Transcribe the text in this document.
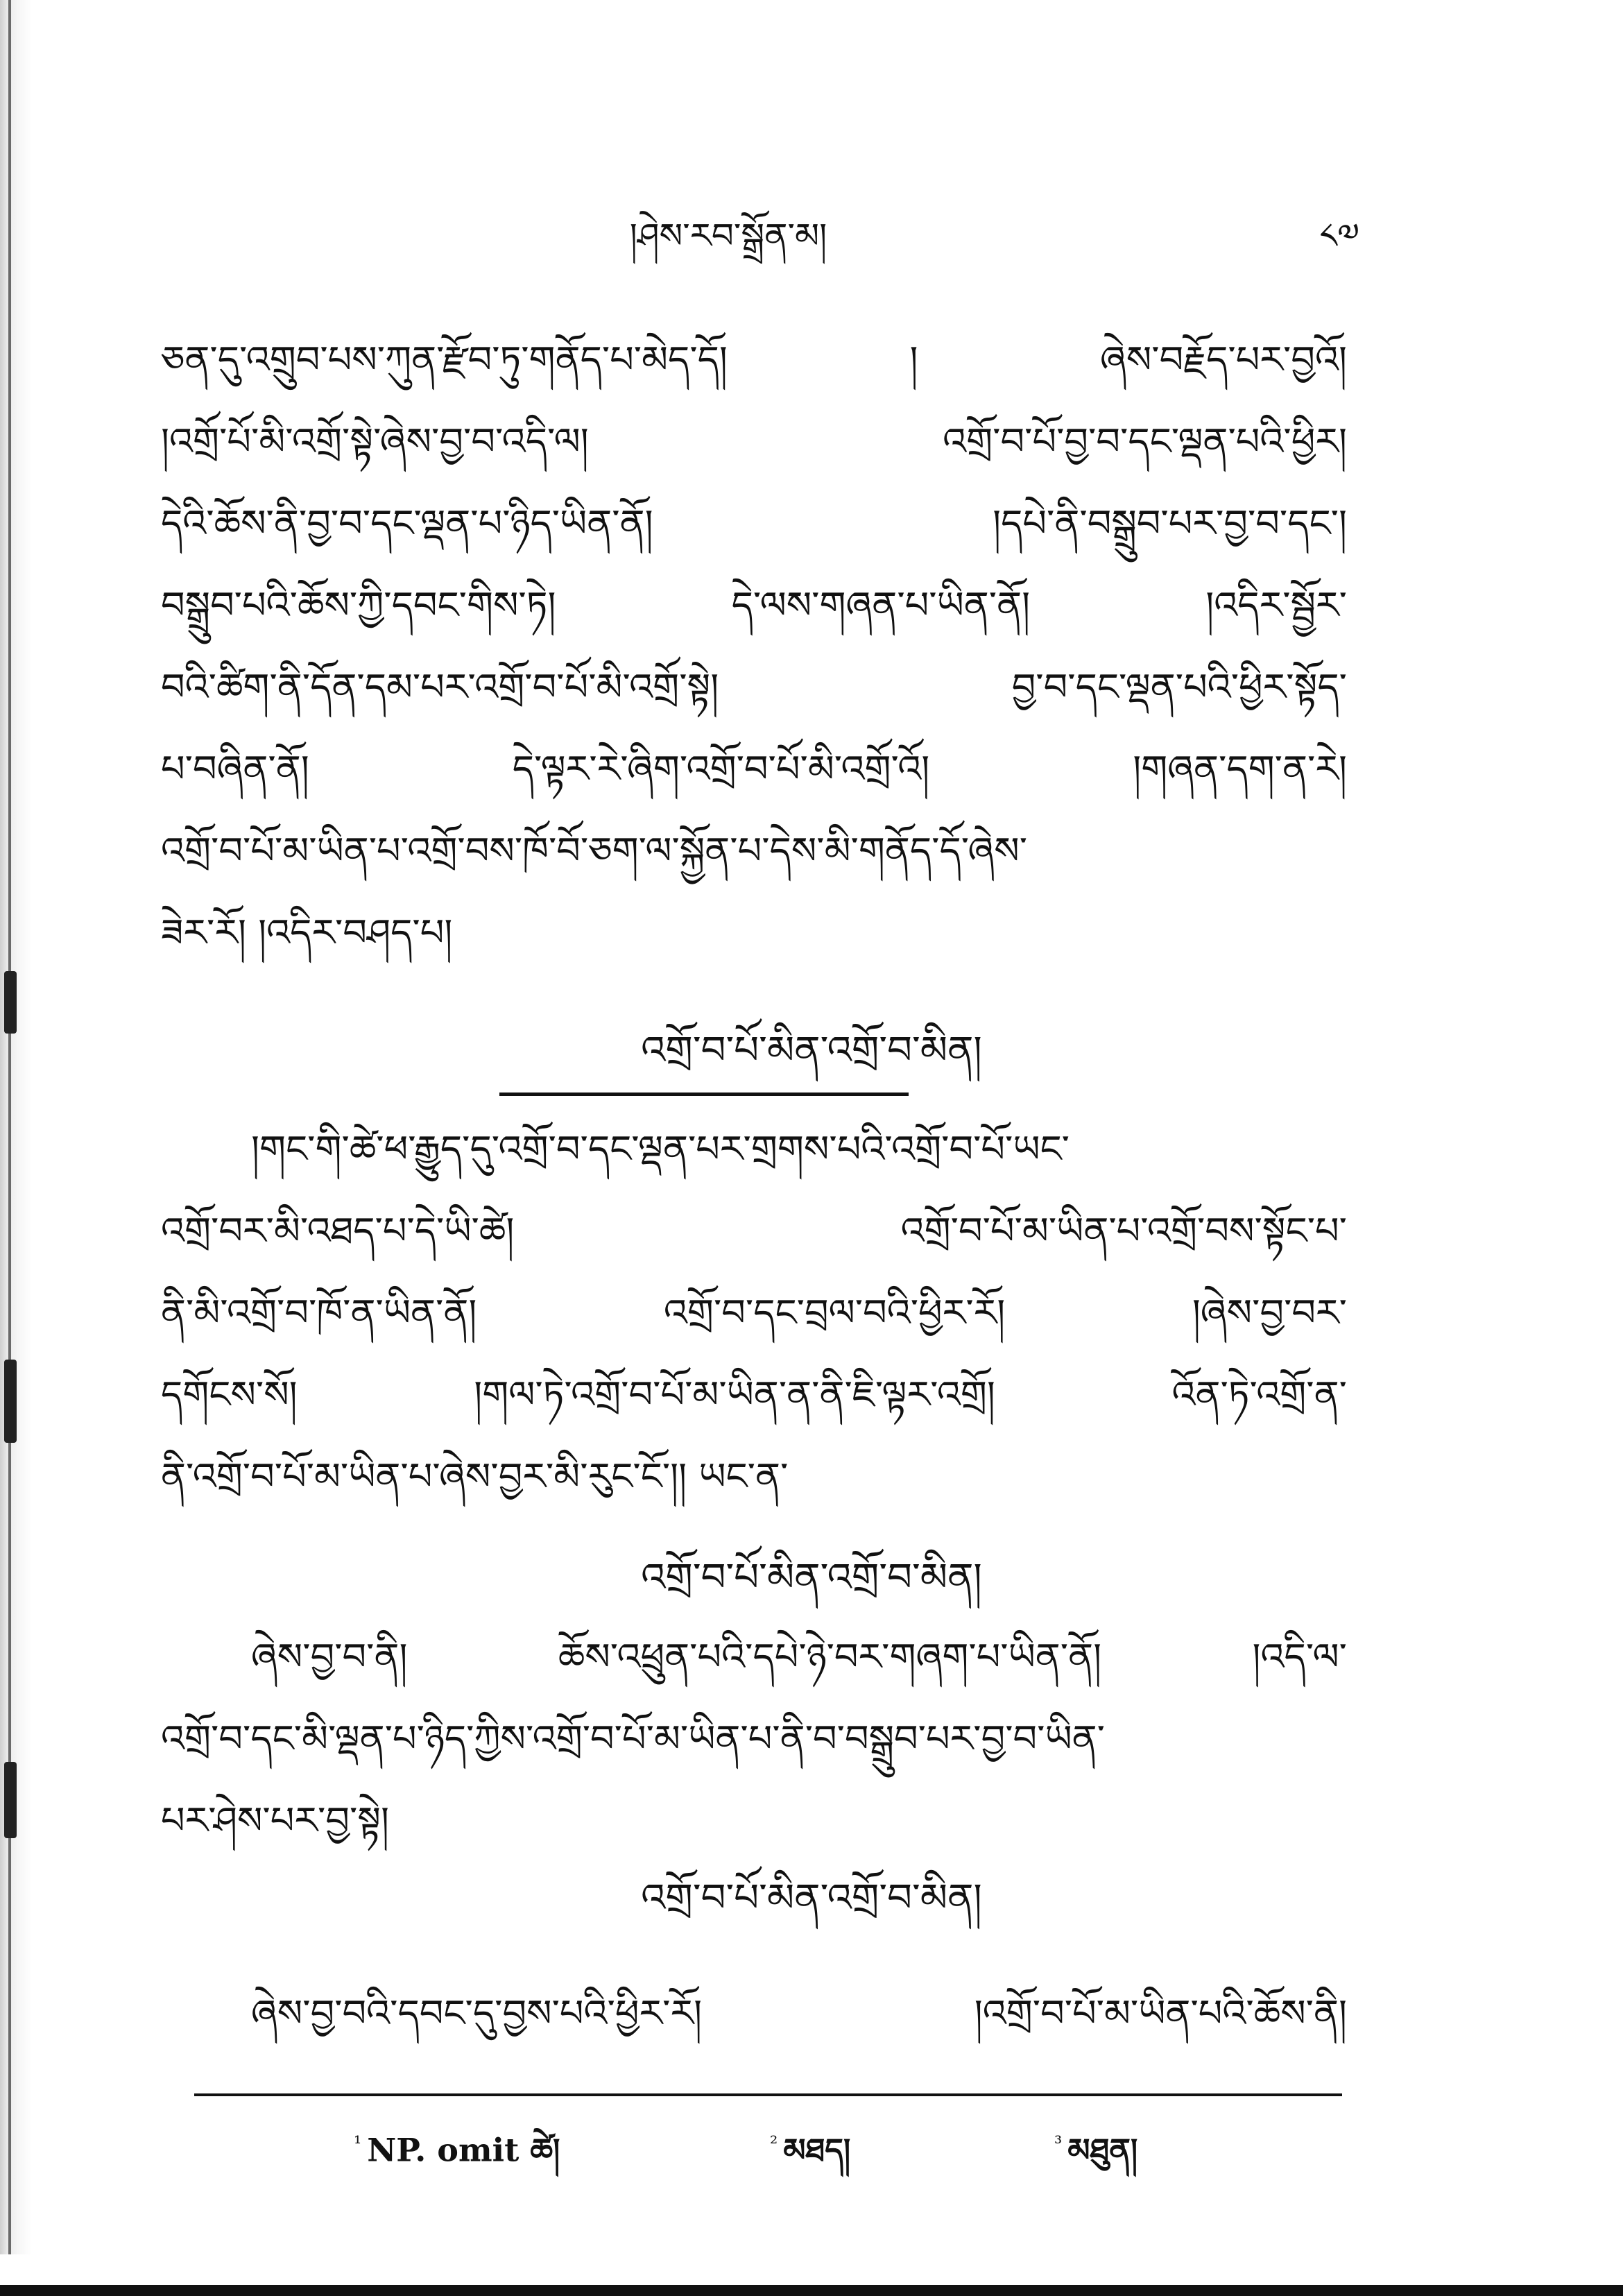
།ཤེས་རབ་སྒྲོན་མ།	༨༧
ཅན་དུ་འགྲུབ་པས་ཀུན་རྫོབ་ཏུ་གནོད་པ་མེད་དོ། ། ཞེས་བརྗོད་པར་བྱའོ།
།འགྲོ་པོ་མི་འགྲོ་སྟེ་ཞེས་བྱ་བ་འདི་ལ། འགྲོ་བ་པོ་བྱ་བ་དང་ལྡན་པའི་ཕྱིར།
དེའི་ཆོས་ནི་བྱ་བ་དང་ལྡན་པ་ཉིད་ཡིན་ནོ། །དཔེ་ནི་བསྒྲུབ་པར་བྱ་བ་དང་།
བསྒྲུབ་པའི་ཆོས་ཀྱི་དབང་གིས་ཏེ། དེ་ལས་གཞན་པ་ཡིན་ནོ། །འདིར་སྦྱོར་
བའི་ཚིག་ནི་དོན་དམ་པར་འགྲོ་བ་པོ་མི་འགྲོ་སྟེ། བྱ་བ་དང་ལྡན་པའི་ཕྱིར་སྟོད་
པ་བཞིན་ནོ། དེ་ལྟར་རེ་ཞིག་འགྲོ་བ་པོ་མི་འགྲོ་འོ། །གཞན་དག་ན་རེ།
འགྲོ་བ་པོ་མ་ཡིན་པ་འགྲོ་བས་ཁོ་བོ་ཅག་ལ་སྐྱོན་པ་དེས་མི་གནོད་དོ་ཞེས་
ཟེར་རོ། །འདིར་བཤད་པ།
འགྲོ་བ་པོ་མིན་འགྲོ་བ་མིན།
།གང་གི་ཚེ་ཕ་རྒྱུད་དུ་འགྲོ་བ་དང་ལྡན་པར་གྲགས་པའི་འགྲོ་བ་པོ་ཡང་
འགྲོ་བར་མི་འཐད་པ་དེ་ཡི་ཚེ། འགྲོ་བ་པོ་མ་ཡིན་པ་འགྲོ་བས་སྟོང་པ་
ནི་མི་འགྲོ་བ་ཁོ་ན་ཡིན་ནོ། འགྲོ་བ་དང་བྲལ་བའི་ཕྱིར་རོ། །ཞེས་བྱ་བར་
དགོངས་སོ། །གལ་ཏེ་འགྲོ་བ་པོ་མ་ཡིན་ན་ནི་ཇི་ལྟར་འགྲོ། འོན་ཏེ་འགྲོ་ན་
ནི་འགྲོ་བ་པོ་མ་ཡིན་པ་ཞེས་བྱར་མི་རུང་ངོ་།། ཡང་ན་
འགྲོ་བ་པོ་མིན་འགྲོ་བ་མིན།
ཞེས་བྱ་བ་ནི། ཆོས་འཕྲུན་པའི་དཔེ་ཉེ་བར་གཞག་པ་ཡིན་ནོ། །འདི་ལ་
འགྲོ་བ་དང་མི་ལྡན་པ་ཉིད་ཀྱིས་འགྲོ་བ་པོ་མ་ཡིན་པ་ནི་བ་བསྒྲུབ་པར་བྱ་བ་ཡིན་
པར་ཤེས་པར་བྱ་སྟེ།
འགྲོ་བ་པོ་མིན་འགྲོ་བ་མིན།
ཞེས་བྱ་བའི་དབང་དུ་བྱས་པའི་ཕྱིར་རོ། །འགྲོ་བ་པོ་མ་ཡིན་པའི་ཆོས་ནི།
$^{^1}$ NP. omit ཚེ།	$^{^2}$ མཐད།	$^{^3}$ མཐུན།
